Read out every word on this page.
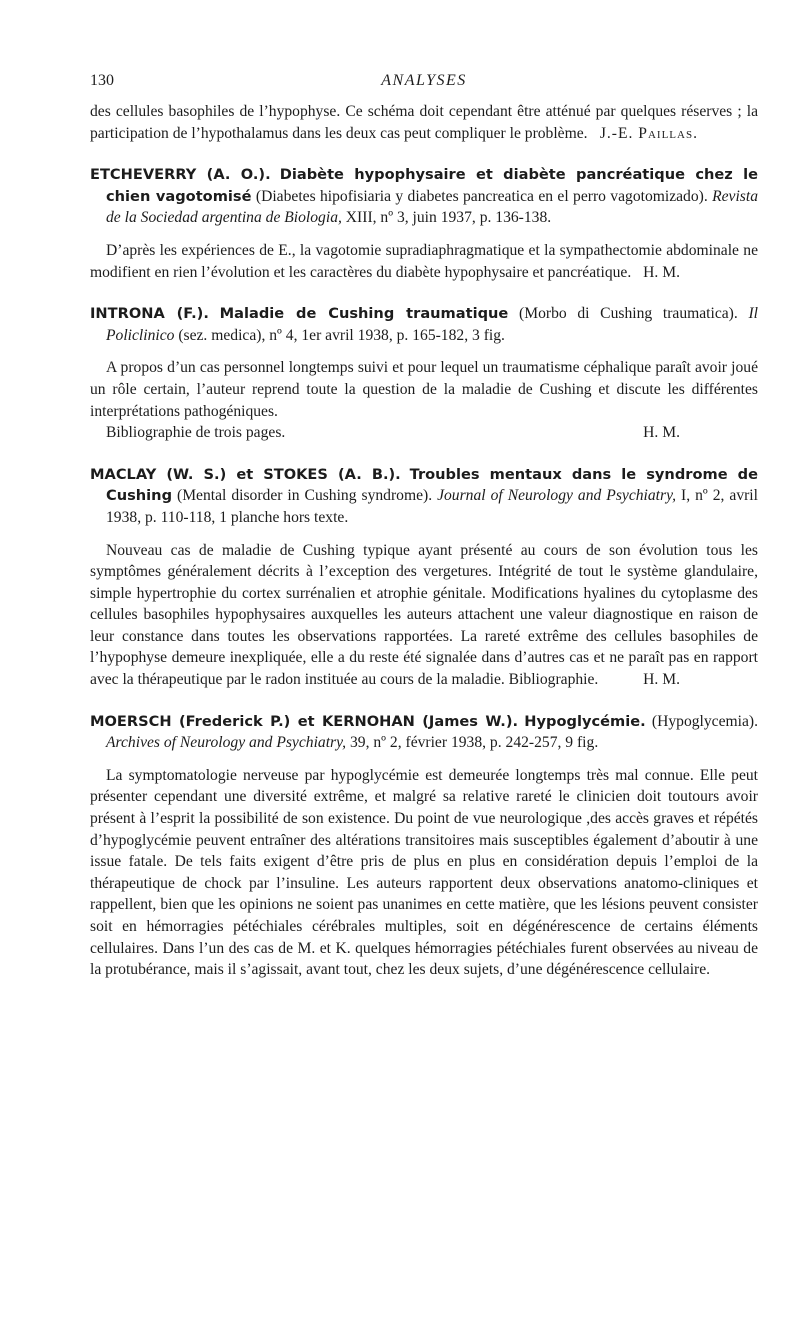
130	ANALYSES

des cellules basophiles de l’hypophyse. Ce schéma doit cependant être atténué par quelques réserves ; la participation de l’hypothalamus dans les deux cas peut compliquer le problème. J.-E. Paillas.

ETCHEVERRY (A. O.). Diabète hypophysaire et diabète pancréatique chez le chien vagotomisé (Diabetes hipofisiaria y diabetes pancreatica en el perro vagotomizado). Revista de la Sociedad argentina de Biologia, XIII, nº 3, juin 1937, p. 136-138.

D’après les expériences de E., la vagotomie supradiaphragmatique et la sympathectomie abdominale ne modifient en rien l’évolution et les caractères du diabète hypophysaire et pancréatique. H. M.

INTRONA (F.). Maladie de Cushing traumatique (Morbo di Cushing traumatica). Il Policlinico (sez. medica), nº 4, 1er avril 1938, p. 165-182, 3 fig.

A propos d’un cas personnel longtemps suivi et pour lequel un traumatisme céphalique paraît avoir joué un rôle certain, l’auteur reprend toute la question de la maladie de Cushing et discute les différentes interprétations pathogéniques.

Bibliographie de trois pages.	H. M.

MACLAY (W. S.) et STOKES (A. B.). Troubles mentaux dans le syndrome de Cushing (Mental disorder in Cushing syndrome). Journal of Neurology and Psychiatry, I, nº 2, avril 1938, p. 110-118, 1 planche hors texte.

Nouveau cas de maladie de Cushing typique ayant présenté au cours de son évolution tous les symptômes généralement décrits à l’exception des vergetures. Intégrité de tout le système glandulaire, simple hypertrophie du cortex surrénalien et atrophie génitale. Modifications hyalines du cytoplasme des cellules basophiles hypophysaires auxquelles les auteurs attachent une valeur diagnostique en raison de leur constance dans toutes les observations rapportées. La rareté extrême des cellules basophiles de l’hypophyse demeure inexpliquée, elle a du reste été signalée dans d’autres cas et ne paraît pas en rapport avec la thérapeutique par le radon instituée au cours de la maladie. Bibliographie.	H. M.

MOERSCH (Frederick P.) et KERNOHAN (James W.). Hypoglycémie. (Hypoglycemia). Archives of Neurology and Psychiatry, 39, nº 2, février 1938, p. 242-257, 9 fig.

La symptomatologie nerveuse par hypoglycémie est demeurée longtemps très mal connue. Elle peut présenter cependant une diversité extrême, et malgré sa relative rareté le clinicien doit toutours avoir présent à l’esprit la possibilité de son existence. Du point de vue neurologique ,des accès graves et répétés d’hypoglycémie peuvent entraîner des altérations transitoires mais susceptibles également d’aboutir à une issue fatale. De tels faits exigent d’être pris de plus en plus en considération depuis l’emploi de la thérapeutique de chock par l’insuline. Les auteurs rapportent deux observations anatomo-cliniques et rappellent, bien que les opinions ne soient pas unanimes en cette matière, que les lésions peuvent consister soit en hémorragies pétéchiales cérébrales multiples, soit en dégénérescence de certains éléments cellulaires. Dans l’un des cas de M. et K. quelques hémorragies pétéchiales furent observées au niveau de la protubérance, mais il s’agissait, avant tout, chez les deux sujets, d’une dégénérescence cellulaire.
